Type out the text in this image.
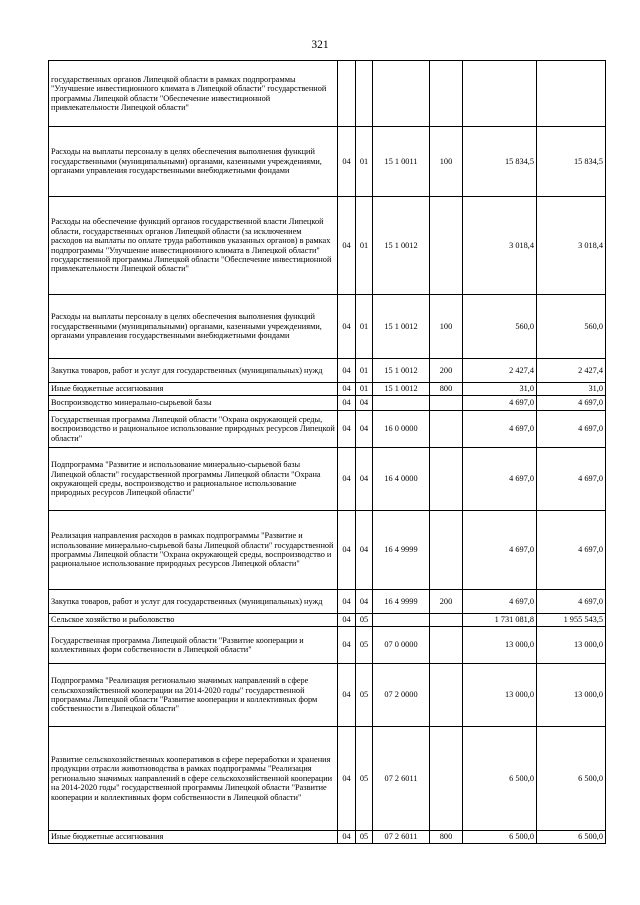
321
государственных органов Липецкой области в рамках подпрограммы "Улучшение инвестиционного климата в Липецкой области" государственной программы Липецкой области "Обеспечение инвестиционной привлекательности Липецкой области"						
Расходы на выплаты персоналу в целях обеспечения выполнения функций государственными (муниципальными) органами, казенными учреждениями, органами управления государственными внебюджетными фондами	04	01	15 1 0011	100	15 834,5	15 834,5
Расходы на обеспечение функций органов государственной власти Липецкой области, государственных органов Липецкой области (за исключением расходов на выплаты по оплате труда работников указанных органов) в рамках подпрограммы "Улучшение инвестиционного климата в Липецкой области" государственной программы Липецкой области "Обеспечение инвестиционной привлекательности Липецкой области"	04	01	15 1 0012		3 018,4	3 018,4
Расходы на выплаты персоналу в целях обеспечения выполнения функций государственными (муниципальными) органами, казенными учреждениями, органами управления государственными внебюджетными фондами	04	01	15 1 0012	100	560,0	560,0
Закупка товаров, работ и услуг для государственных (муниципальных) нужд	04	01	15 1 0012	200	2 427,4	2 427,4
Иные бюджетные ассигнования	04	01	15 1 0012	800	31,0	31,0
Воспроизводство минерально-сырьевой базы	04	04			4 697,0	4 697,0
Государственная программа Липецкой области "Охрана окружающей среды, воспроизводство и рациональное использование природных ресурсов Липецкой области"	04	04	16 0 0000		4 697,0	4 697,0
Подпрограмма "Развитие и использование минерально-сырьевой базы Липецкой области" государственной программы Липецкой области "Охрана окружающей среды, воспроизводство и рациональное использование природных ресурсов Липецкой области"	04	04	16 4 0000		4 697,0	4 697,0
Реализация направления расходов в рамках подпрограммы "Развитие и использование минерально-сырьевой базы Липецкой области" государственной программы Липецкой области "Охрана окружающей среды, воспроизводство и рациональное использование природных ресурсов Липецкой области"	04	04	16 4 9999		4 697,0	4 697,0
Закупка товаров, работ и услуг для государственных (муниципальных) нужд	04	04	16 4 9999	200	4 697,0	4 697,0
Сельское хозяйство и рыболовство	04	05			1 731 081,8	1 955 543,5
Государственная программа Липецкой области "Развитие кооперации и коллективных форм собственности в Липецкой области"	04	05	07 0 0000		13 000,0	13 000,0
Подпрограмма "Реализация регионально значимых направлений в сфере сельскохозяйственной кооперации на 2014-2020 годы" государственной программы Липецкой области "Развитие кооперации и коллективных форм собственности в Липецкой области"	04	05	07 2 0000		13 000,0	13 000,0
Развитие сельскохозяйственных кооперативов в сфере переработки и хранения продукции отрасли животноводства в рамках подпрограммы "Реализация регионально значимых направлений в сфере сельскохозяйственной кооперации на 2014-2020 годы" государственной программы Липецкой области "Развитие кооперации и коллективных форм собственности в Липецкой области"	04	05	07 2 6011		6 500,0	6 500,0
Иные бюджетные ассигнования	04	05	07 2 6011	800	6 500,0	6 500,0
